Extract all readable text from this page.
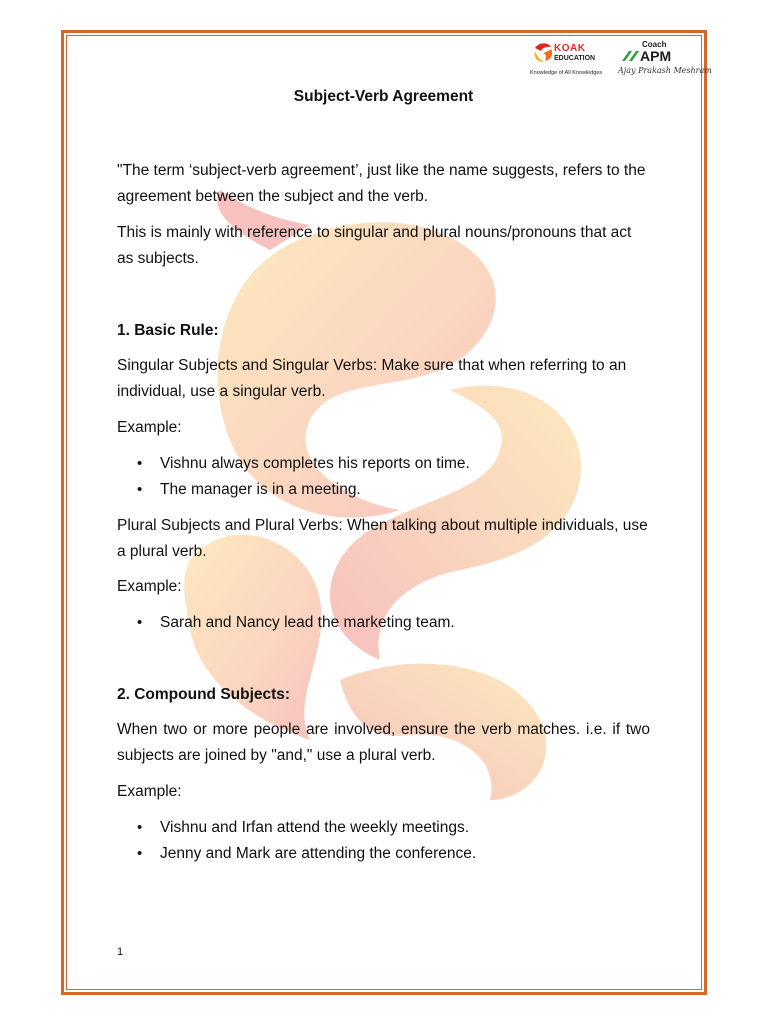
KOAK
EDUCATION
Knowledge of All Knowledges
Coach
APM
Ajay Prakash Meshram
Subject-Verb Agreement

"The term ‘subject-verb agreement’, just like the name suggests, refers to the agreement between the subject and the verb.

This is mainly with reference to singular and plural nouns/pronouns that act as subjects.

1. Basic Rule:

Singular Subjects and Singular Verbs: Make sure that when referring to an individual, use a singular verb.

Example:

• Vishnu always completes his reports on time.
• The manager is in a meeting.

Plural Subjects and Plural Verbs: When talking about multiple individuals, use a plural verb.

Example:

• Sarah and Nancy lead the marketing team.

2. Compound Subjects:

When two or more people are involved, ensure the verb matches. i.e. if two subjects are joined by "and," use a plural verb.

Example:

• Vishnu and Irfan attend the weekly meetings.
• Jenny and Mark are attending the conference.
1
